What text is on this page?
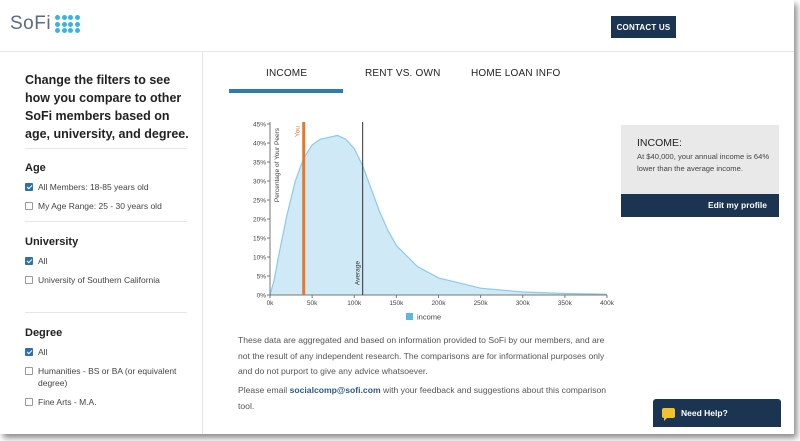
SoFi	CONTACT US
Change the filters to see how you compare to other SoFi members based on age, university, and degree.
Age
All Members: 18-85 years old
My Age Range: 25 - 30 years old
University
All
University of Southern California
Degree
All
Humanities - BS or BA (or equivalent degree)
Fine Arts - M.A.
INCOME	RENT VS. OWN	HOME LOAN INFO
0%
5%
10%
15%
20%
25%
30%
35%
40%
45%
0k	50k	100k	150k	200k	250k	300k	350k	400k
Percentage of Your Peers You
Average
income
INCOME:
At $40,000, your annual income is 64% lower than the average income.
Edit my profile
These data are aggregated and based on information provided to SoFi by our members, and are not the result of any independent research. The comparisons are for informational purposes only and do not purport to give any advice whatsoever.
Please email socialcomp@sofi.com with your feedback and suggestions about this comparison tool.
Need Help?
